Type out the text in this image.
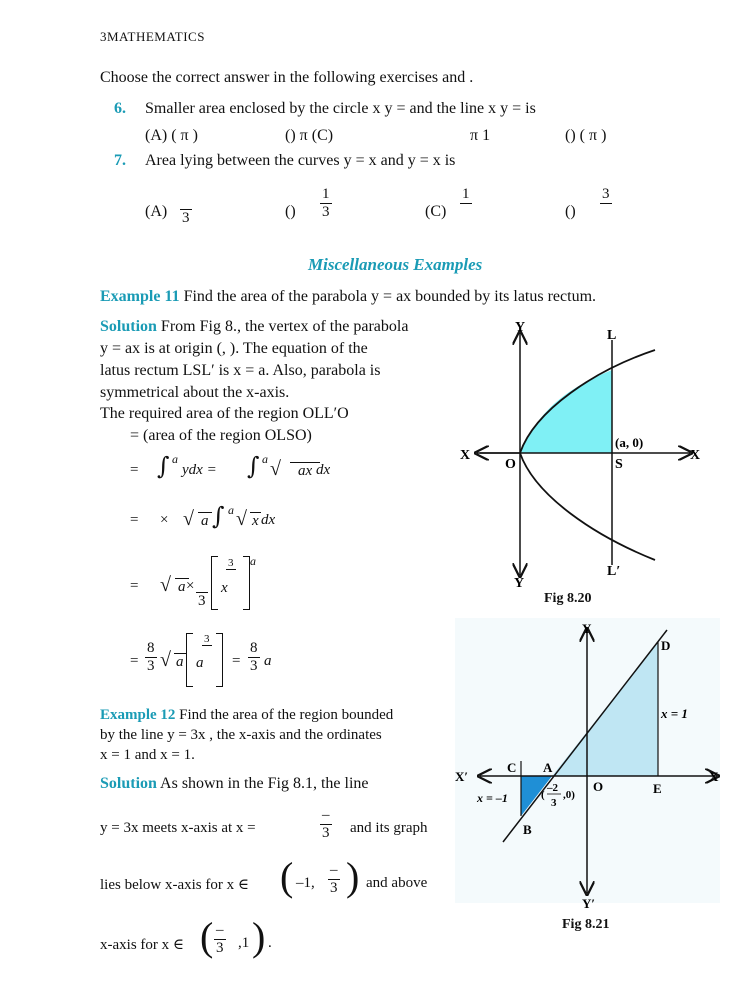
3MATHEMATICS
Choose the correct answer in the following exercises and .
6. Smaller area enclosed by the circle x y = and the line x y = is
(A) ( π )	() π (C)	π 1	() ( π )
7. Area lying between the curves y = x and y = x is
(A)
3	() $\frac{1}{3}$	(C)
1

()
3

Miscellaneous Examples
Example 11 Find the area of the parabola y = ax bounded by its latus rectum.
Solution From Fig 8., the vertex of the parabola
y = ax is at origin (, ). The equation of the
latus rectum LSL′ is x = a. Also, parabola is
symmetrical about the x-axis.
The required area of the region OLL′O
= (area of the region OLSO)
= ∫ a
ydx = ∫ a √	ax dx
= × √ a ∫ a √ x dx
= √ a ×

3
3

x
a
= $\frac{8}{3}$ √ a a
3

= $\frac{8}{3}$ a
Y
Y
X	X
O	S
L
L′
(a, 0)
Fig 8.20
Example 12 Find the area of the region bounded
by the line y = 3x , the x-axis and the ordinates
x = 1 and x = 1.
Solution As shown in the Fig 8.1, the line
y = 3x meets x-axis at x =
–
3 and its graph
lies below x-axis for x ∈ ( –1,
–
3 ) and above
x-axis for x ∈ ( –
3 ,1 ) .
Y
Y′
X′	X
A
B
C
D
E
O
x = 1
x = –1	(
–2
3
,0)
Fig 8.21
